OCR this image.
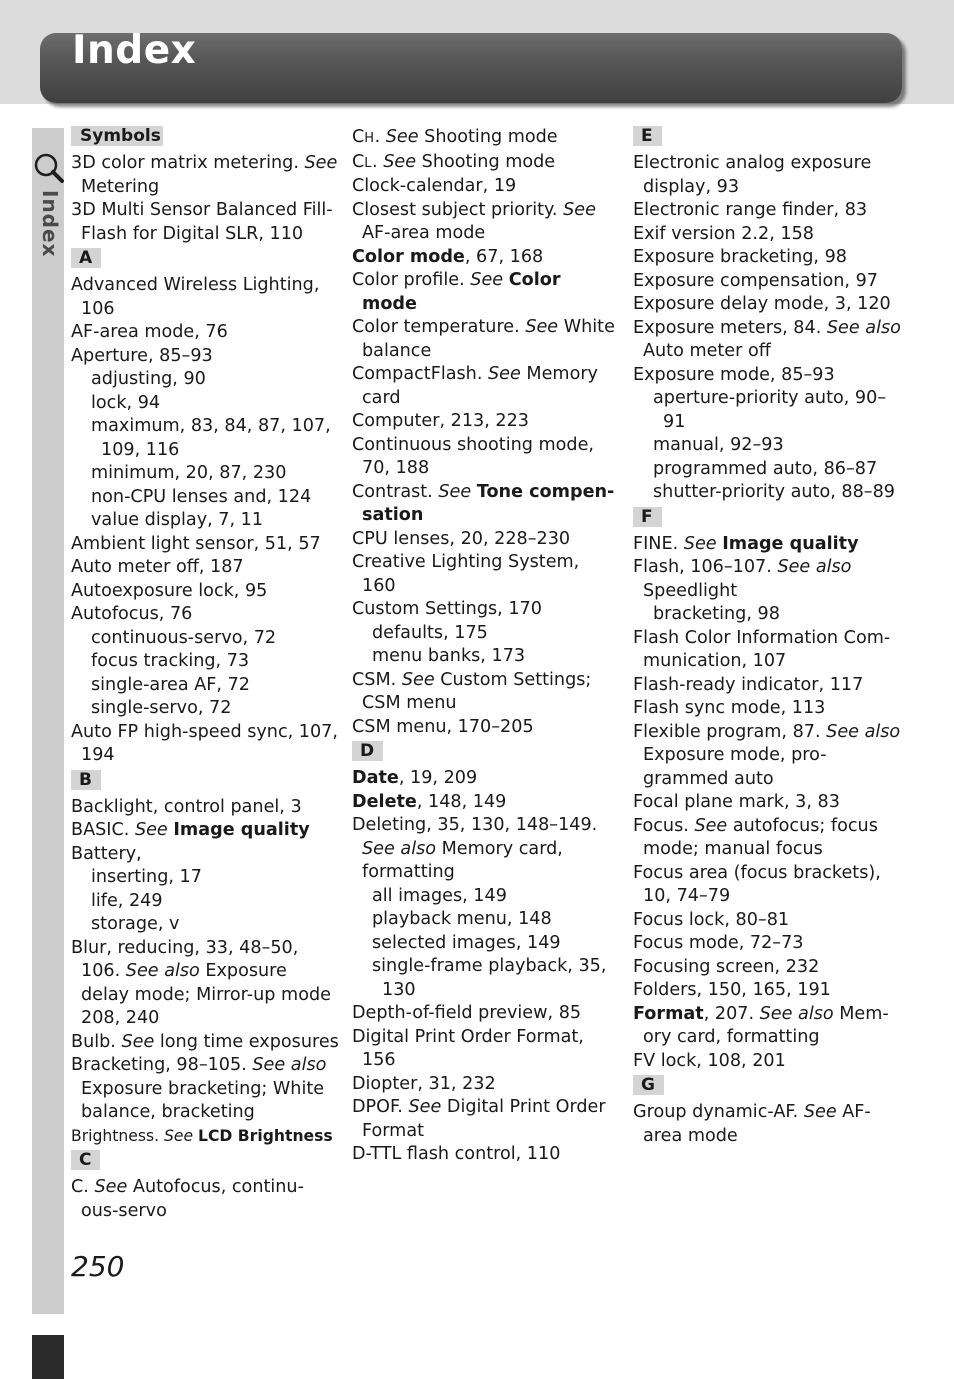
Index
Index
Symbols
3D color matrix metering. See Metering
3D Multi Sensor Balanced Fill-Flash for Digital SLR, 110
A
Advanced Wireless Lighting, 106
AF-area mode, 76
Aperture, 85–93
adjusting, 90
lock, 94
maximum, 83, 84, 87, 107, 109, 116
minimum, 20, 87, 230
non-CPU lenses and, 124
value display, 7, 11
Ambient light sensor, 51, 57
Auto meter off, 187
Autoexposure lock, 95
Autofocus, 76
continuous-servo, 72
focus tracking, 73
single-area AF, 72
single-servo, 72
Auto FP high-speed sync, 107, 194
B
Backlight, control panel, 3
BASIC. See Image quality
Battery,
inserting, 17
life, 249
storage, v
Blur, reducing, 33, 48–50, 106. See also Exposure delay mode; Mirror-up mode 208, 240
Bulb. See long time exposures
Bracketing, 98–105. See also Exposure bracketing; White balance, bracketing
Brightness. See LCD Brightness
C
C. See Autofocus, continu-ous-servo
CH. See Shooting mode
CL. See Shooting mode
Clock-calendar, 19
Closest subject priority. See AF-area mode
Color mode, 67, 168
Color profile. See Color mode
Color temperature. See White balance
CompactFlash. See Memory card
Computer, 213, 223
Continuous shooting mode, 70, 188
Contrast. See Tone compen-sation
CPU lenses, 20, 228–230
Creative Lighting System, 160
Custom Settings, 170
defaults, 175
menu banks, 173
CSM. See Custom Settings; CSM menu
CSM menu, 170–205
D
Date, 19, 209
Delete, 148, 149
Deleting, 35, 130, 148–149. See also Memory card, formatting
all images, 149
playback menu, 148
selected images, 149
single-frame playback, 35, 130
Depth-of-field preview, 85
Digital Print Order Format, 156
Diopter, 31, 232
DPOF. See Digital Print Order Format
D-TTL flash control, 110
E
Electronic analog exposure display, 93
Electronic range finder, 83
Exif version 2.2, 158
Exposure bracketing, 98
Exposure compensation, 97
Exposure delay mode, 3, 120
Exposure meters, 84. See also Auto meter off
Exposure mode, 85–93
aperture-priority auto, 90–91
manual, 92–93
programmed auto, 86–87
shutter-priority auto, 88–89
F
FINE. See Image quality
Flash, 106–107. See also Speedlight
bracketing, 98
Flash Color Information Com-munication, 107
Flash-ready indicator, 117
Flash sync mode, 113
Flexible program, 87. See also Exposure mode, pro-grammed auto
Focal plane mark, 3, 83
Focus. See autofocus; focus mode; manual focus
Focus area (focus brackets), 10, 74–79
Focus lock, 80–81
Focus mode, 72–73
Focusing screen, 232
Folders, 150, 165, 191
Format, 207. See also Mem-ory card, formatting
FV lock, 108, 201
G
Group dynamic-AF. See AF-area mode
250
